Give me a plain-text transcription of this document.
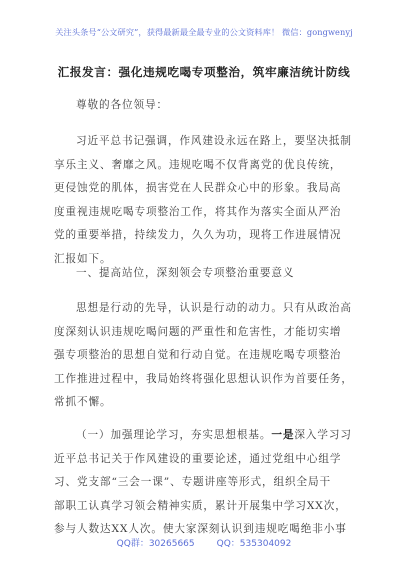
关注头条号“公文研究”，获得最新最全最专业的公文资料库！ 微信：gongwenyj
汇报发言：强化违规吃喝专项整治，筑牢廉洁统计防线
尊敬的各位领导：
习近平总书记强调，作风建设永远在路上，要坚决抵制
享乐主义、奢靡之风。违规吃喝不仅背离党的优良传统，
更侵蚀党的肌体，损害党在人民群众心中的形象。我局高
度重视违规吃喝专项整治工作，将其作为落实全面从严治
党的重要举措，持续发力，久久为功，现将工作进展情况
汇报如下。
一、提高站位，深刻领会专项整治重要意义
思想是行动的先导，认识是行动的动力。只有从政治高
度深刻认识违规吃喝问题的严重性和危害性，才能切实增
强专项整治的思想自觉和行动自觉。在违规吃喝专项整治
工作推进过程中，我局始终将强化思想认识作为首要任务，
常抓不懈。
（一）加强理论学习，夯实思想根基。一是深入学习习
近平总书记关于作风建设的重要论述，通过党组中心组学
习、党支部“三会一课”、专题讲座等形式，组织全局干
部职工认真学习领会精神实质，累计开展集中学习XX次，
参与人数达XX人次。使大家深刻认识到违规吃喝绝非小事
QQ群：30265665 QQ：535304092
